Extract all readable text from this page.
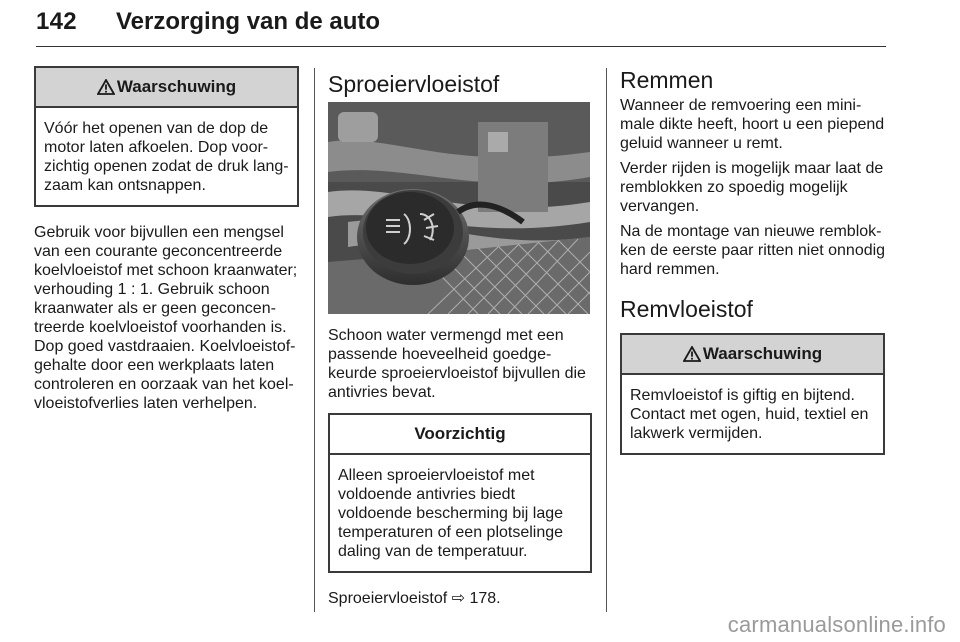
142 Verzorging van de auto
Waarschuwing
Vóór het openen van de dop de motor laten afkoelen. Dop voor-zichtig openen zodat de druk lang-zaam kan ontsnappen.

Gebruik voor bijvullen een mengsel van een courante geconcentreerde koelvloeistof met schoon kraanwater; verhouding 1 : 1. Gebruik schoon kraanwater als er geen geconcen-treerde koelvloeistof voorhanden is. Dop goed vastdraaien. Koelvloeistof-gehalte door een werkplaats laten controleren en oorzaak van het koel-vloeistofverlies laten verhelpen.

Sproeiervloeistof

Schoon water vermengd met een passende hoeveelheid goedge-keurde sproeiervloeistof bijvullen die antivries bevat.

Voorzichtig
Alleen sproeiervloeistof met voldoende antivries biedt voldoende bescherming bij lage temperaturen of een plotselinge daling van de temperatuur.

Sproeiervloeistof ⇨ 178.

Remmen

Wanneer de remvoering een mini-male dikte heeft, hoort u een piepend geluid wanneer u remt.

Verder rijden is mogelijk maar laat de remblokken zo spoedig mogelijk vervangen.

Na de montage van nieuwe remblok-ken de eerste paar ritten niet onnodig hard remmen.

Remvloeistof
Waarschuwing
Remvloeistof is giftig en bijtend. Contact met ogen, huid, textiel en lakwerk vermijden.
carmanualsonline.info
